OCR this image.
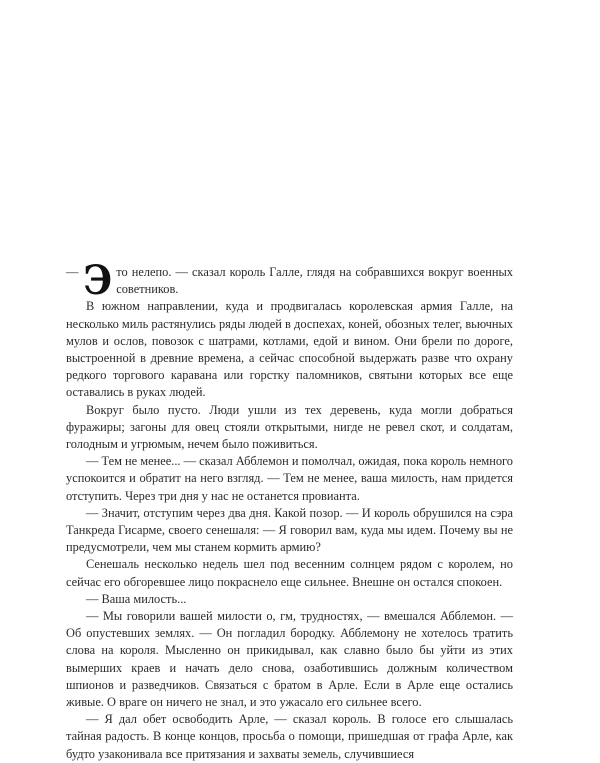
— Э то нелепо. — сказал король Галле, глядя на собравшихся вокруг военных советников.

В южном направлении, куда и продвигалась королевская армия Галле, на несколько миль растянулись ряды людей в доспехах, коней, обозных телег, вьючных мулов и ослов, повозок с шатрами, котлами, едой и вином. Они брели по дороге, выстроенной в древние времена, а сейчас способной выдержать разве что охрану редкого торгового каравана или горстку паломников, святыни которых все еще оставались в руках людей.

Вокруг было пусто. Люди ушли из тех деревень, куда могли добраться фуражиры; загоны для овец стояли открытыми, нигде не ревел скот, и солдатам, голодным и угрюмым, нечем было поживиться.

— Тем не менее... — сказал Абблемон и помолчал, ожидая, пока король немного успокоится и обратит на него взгляд. — Тем не менее, ваша милость, нам придется отступить. Через три дня у нас не останется провианта.

— Значит, отступим через два дня. Какой позор. — И король обрушился на сэра Танкреда Гисарме, своего сенешаля: — Я говорил вам, куда мы идем. Почему вы не предусмотрели, чем мы станем кормить армию?

Сенешаль несколько недель шел под весенним солнцем рядом с королем, но сейчас его обгоревшее лицо покраснело еще сильнее. Внешне он остался спокоен.

— Ваша милость...

— Мы говорили вашей милости о, гм, трудностях, — вмешался Абблемон. — Об опустевших землях. — Он погладил бородку. Абблемону не хотелось тратить слова на короля. Мысленно он прикидывал, как славно было бы уйти из этих вымерших краев и начать дело снова, озаботившись должным количеством шпионов и разведчиков. Связаться с братом в Арле. Если в Арле еще остались живые. О враге он ничего не знал, и это ужасало его сильнее всего.

— Я дал обет освободить Арле, — сказал король. В голосе его слышалась тайная радость. В конце концов, просьба о помощи, пришедшая от графа Арле, как будто узаконивала все притязания и захваты земель, случившиеся
